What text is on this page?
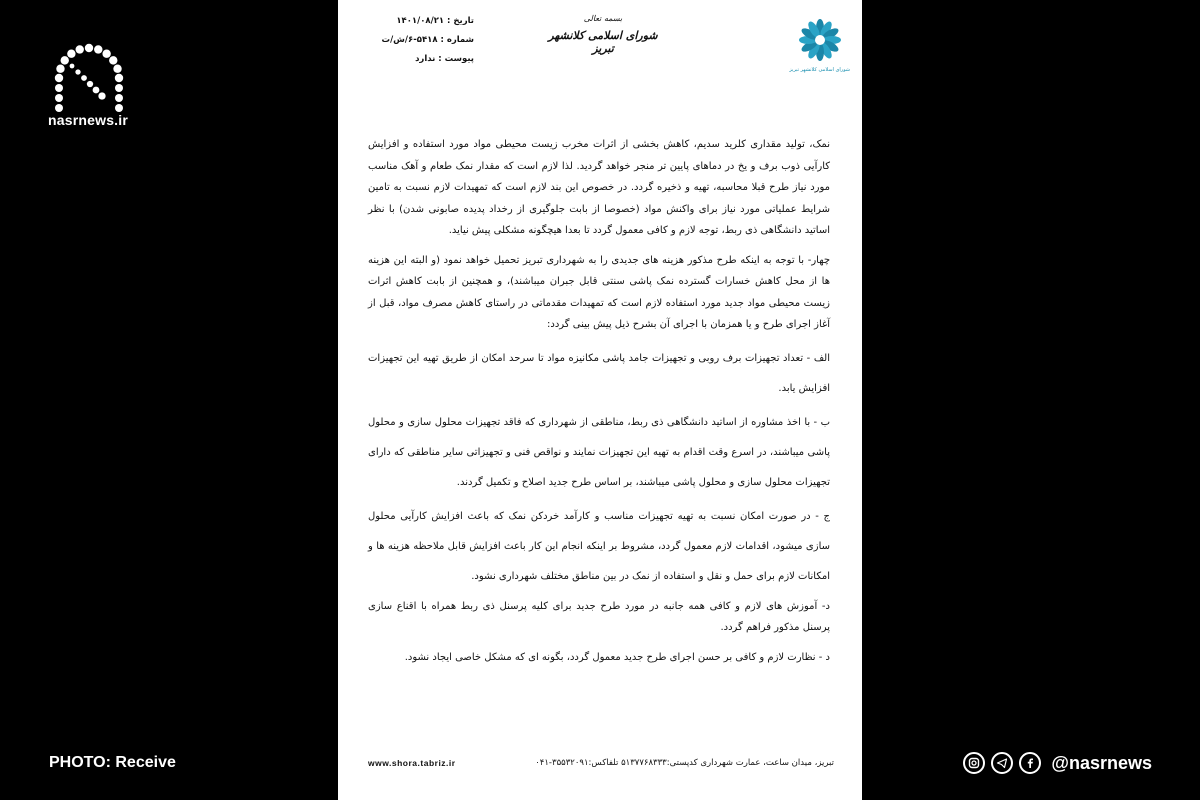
nasrnews.ir
PHOTO: Receive	@nasrnews
تاریخ : ۱۴۰۱/۰۸/۲۱
شماره : ۵۴۱۸-۶/ش/ت
پیوست : ندارد
بسمه تعالی
شورای اسلامی کلانشهر تبریز
شورای اسلامی کلانشهر تبریز

نمک، تولید مقداری کلرید سدیم، کاهش بخشی از اثرات مخرب زیست محیطی مواد مورد استفاده و افزایش کارآیی ذوب برف و یخ در دماهای پایین تر منجر خواهد گردید. لذا لازم است که مقدار نمک طعام و آهک مناسب مورد نیاز طرح قبلا محاسبه، تهیه و ذخیره گردد. در خصوص این بند لازم است که تمهیدات لازم نسبت به تامین شرایط عملیاتی مورد نیاز برای واکنش مواد (خصوصا از بابت جلوگیری از رخداد پدیده صابونی شدن) با نظر اساتید دانشگاهی ذی ربط، توجه لازم و کافی معمول گردد تا بعدا هیچگونه مشکلی پیش نیاید.

چهار- با توجه به اینکه طرح مذکور هزینه های جدیدی را به شهرداری تبریز تحمیل خواهد نمود (و البته این هزینه ها از محل کاهش خسارات گسترده نمک پاشی سنتی قابل جبران میباشند)، و همچنین از بابت کاهش اثرات زیست محیطی مواد جدید مورد استفاده لازم است که تمهیدات مقدماتی در راستای کاهش مصرف مواد، قبل از آغاز اجرای طرح و یا همزمان با اجرای آن بشرح ذیل پیش بینی گردد:

الف - تعداد تجهیزات برف روبی و تجهیزات جامد پاشی مکانیزه مواد تا سرحد امکان از طریق تهیه این تجهیزات افزایش یابد.

ب - با اخذ مشاوره از اساتید دانشگاهی ذی ربط، مناطقی از شهرداری که فاقد تجهیزات محلول سازی و محلول پاشی میباشند، در اسرع وقت اقدام به تهیه این تجهیزات نمایند و نواقص فنی و تجهیزاتی سایر مناطقی که دارای تجهیزات محلول سازی و محلول پاشی میباشند، بر اساس طرح جدید اصلاح و تکمیل گردند.

ج - در صورت امکان نسبت به تهیه تجهیزات مناسب و کارآمد خردکن نمک که باعث افزایش کارآیی محلول سازی میشود، اقدامات لازم معمول گردد، مشروط بر اینکه انجام این کار باعث افزایش قابل ملاحظه هزینه ها و امکانات لازم برای حمل و نقل و استفاده از نمک در بین مناطق مختلف شهرداری نشود.

د- آموزش های لازم و کافی همه جانبه در مورد طرح جدید برای کلیه پرسنل ذی ربط همراه با اقناع سازی پرسنل مذکور فراهم گردد.

د - نظارت لازم و کافی بر حسن اجرای طرح جدید معمول گردد، بگونه ای که مشکل خاصی ایجاد نشود.

www.shora.tabriz.ir	تبریز، میدان ساعت، عمارت شهرداری کدپستی:۵۱۳۷۷۶۸۳۳۳ تلفاکس:۳۵۵۳۲۰۹۱-۰۴۱
